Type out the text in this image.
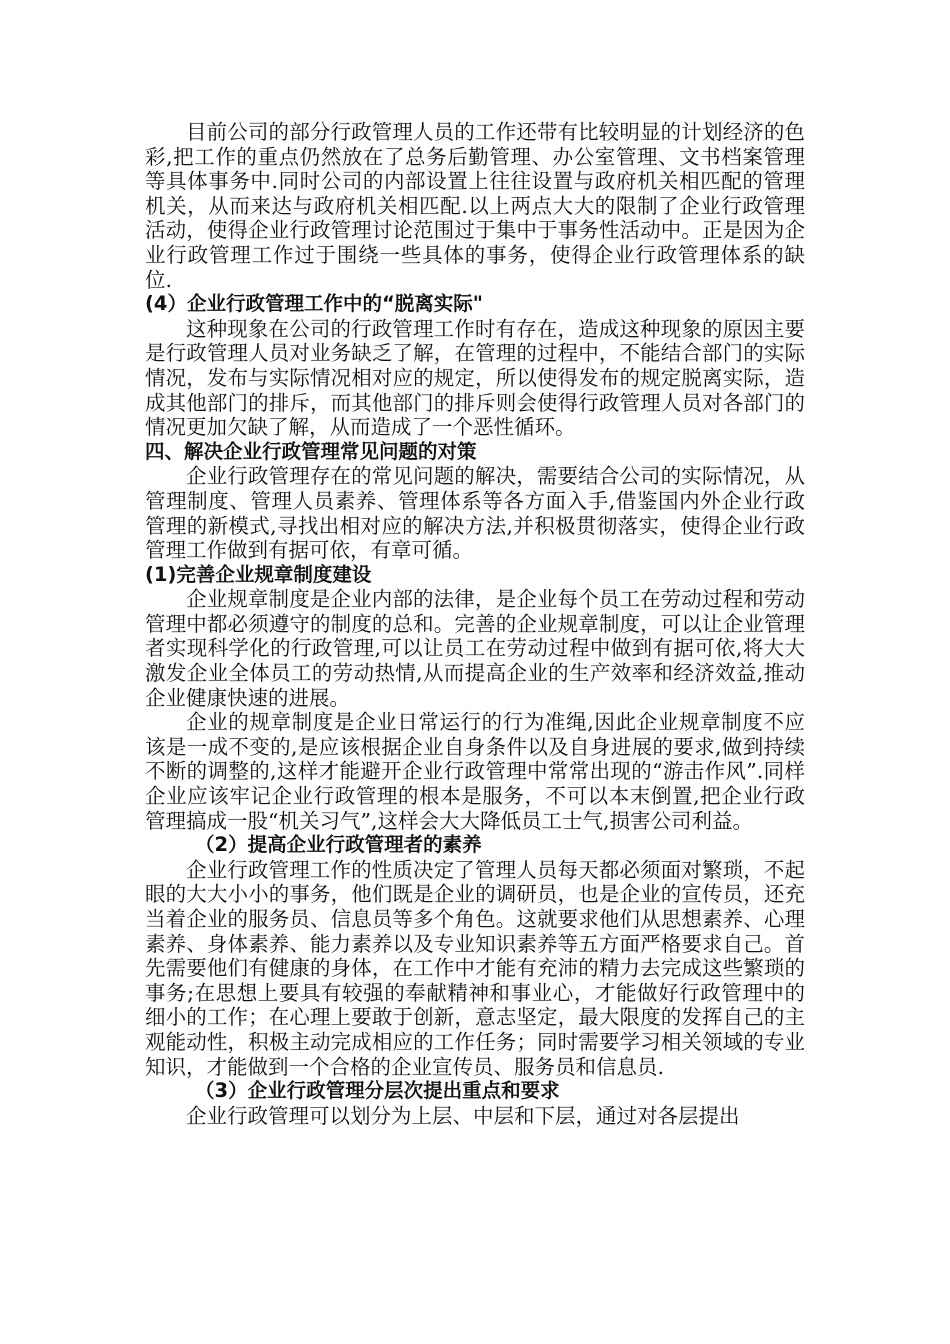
目前公司的部分行政管理人员的工作还带有比较明显的计划经济的色彩,把工作的重点仍然放在了总务后勤管理、办公室管理、文书档案管理等具体事务中.同时公司的内部设置上往往设置与政府机关相匹配的管理机关，从而来达与政府机关相匹配.以上两点大大的限制了企业行政管理活动，使得企业行政管理讨论范围过于集中于事务性活动中。正是因为企业行政管理工作过于围绕一些具体的事务，使得企业行政管理体系的缺位.

(4）企业行政管理工作中的“脱离实际"

这种现象在公司的行政管理工作时有存在，造成这种现象的原因主要是行政管理人员对业务缺乏了解，在管理的过程中，不能结合部门的实际情况，发布与实际情况相对应的规定，所以使得发布的规定脱离实际，造成其他部门的排斥，而其他部门的排斥则会使得行政管理人员对各部门的情况更加欠缺了解，从而造成了一个恶性循环。

四、解决企业行政管理常见问题的对策

企业行政管理存在的常见问题的解决，需要结合公司的实际情况，从管理制度、管理人员素养、管理体系等各方面入手,借鉴国内外企业行政管理的新模式,寻找出相对应的解决方法,并积极贯彻落实，使得企业行政管理工作做到有据可依，有章可循。

(1)完善企业规章制度建设

企业规章制度是企业内部的法律，是企业每个员工在劳动过程和劳动管理中都必须遵守的制度的总和。完善的企业规章制度，可以让企业管理者实现科学化的行政管理,可以让员工在劳动过程中做到有据可依,将大大激发企业全体员工的劳动热情,从而提高企业的生产效率和经济效益,推动企业健康快速的进展。

企业的规章制度是企业日常运行的行为准绳,因此企业规章制度不应该是一成不变的,是应该根据企业自身条件以及自身进展的要求,做到持续不断的调整的,这样才能避开企业行政管理中常常出现的“游击作风”.同样企业应该牢记企业行政管理的根本是服务，不可以本末倒置,把企业行政管理搞成一股“机关习气”,这样会大大降低员工士气,损害公司利益。

（2）提高企业行政管理者的素养

企业行政管理工作的性质决定了管理人员每天都必须面对繁琐，不起眼的大大小小的事务，他们既是企业的调研员，也是企业的宣传员，还充当着企业的服务员、信息员等多个角色。这就要求他们从思想素养、心理素养、身体素养、能力素养以及专业知识素养等五方面严格要求自己。首先需要他们有健康的身体，在工作中才能有充沛的精力去完成这些繁琐的事务;在思想上要具有较强的奉献精神和事业心，才能做好行政管理中的细小的工作；在心理上要敢于创新，意志坚定，最大限度的发挥自己的主观能动性，积极主动完成相应的工作任务；同时需要学习相关领域的专业知识，才能做到一个合格的企业宣传员、服务员和信息员.

（3）企业行政管理分层次提出重点和要求

企业行政管理可以划分为上层、中层和下层，通过对各层提出
